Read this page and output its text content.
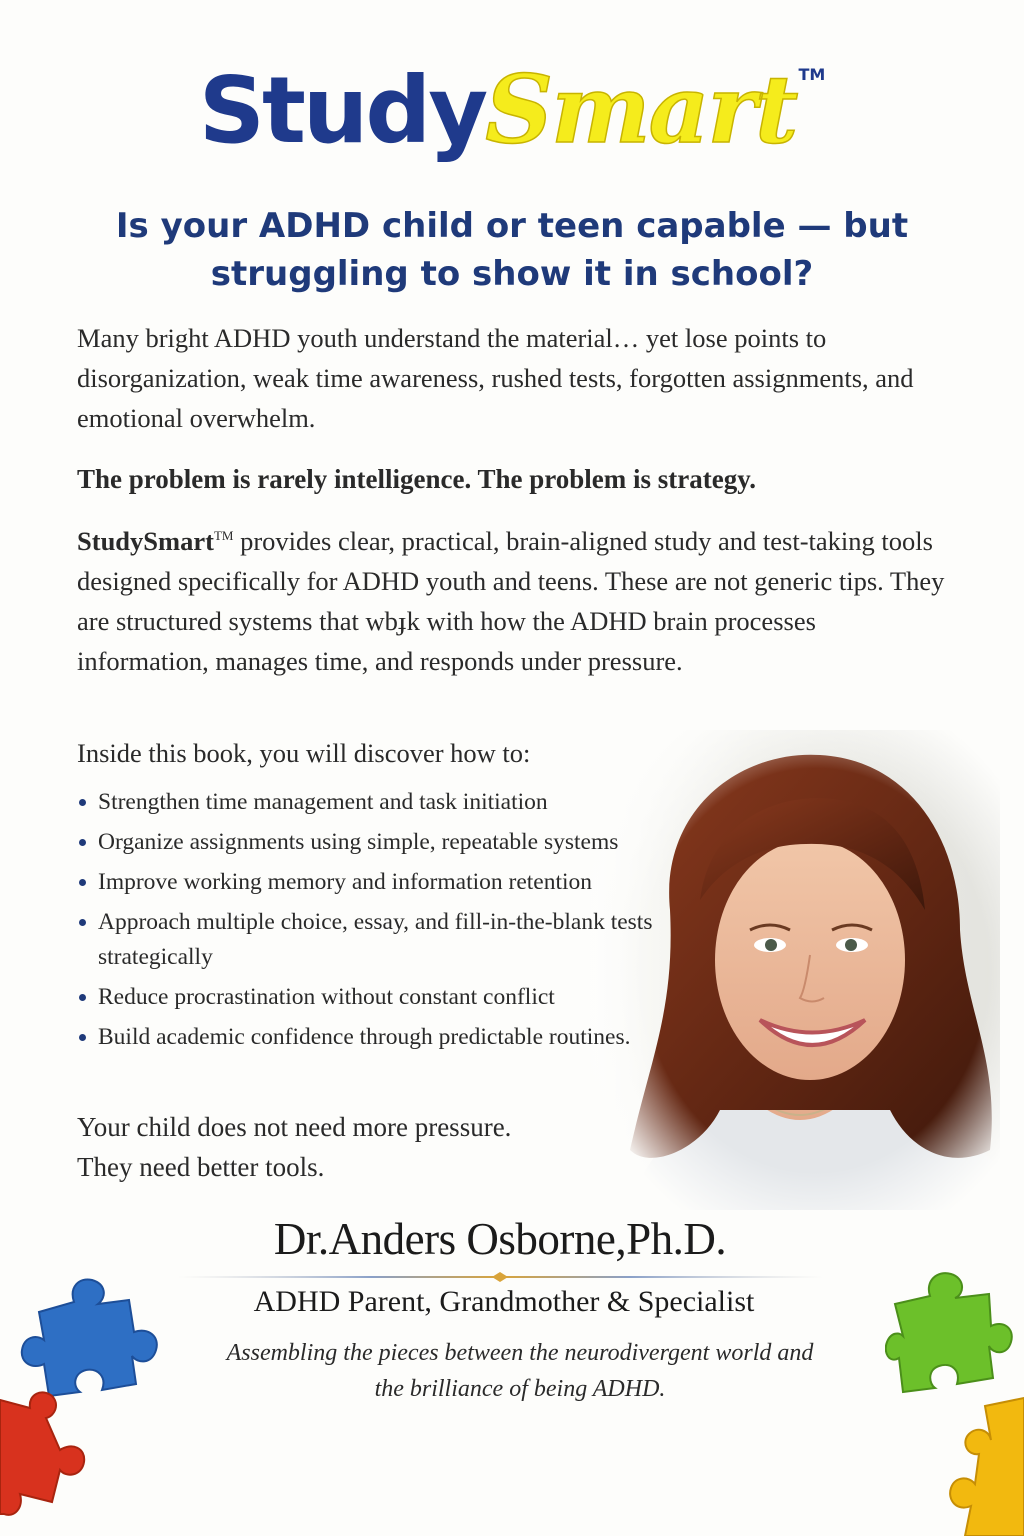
StudySmart TM
Is your ADHD child or teen capable — but
struggling to show it in school?
Many bright ADHD youth understand the material… yet lose points to disorganization, weak time awareness, rushed tests, forgotten assignments, and emotional overwhelm.
The problem is rarely intelligence. The problem is strategy.
StudySmart™ provides clear, practical, brain-aligned study and test-taking tools designed specifically for ADHD youth and teens. These are not generic tips. They are structured systems that wbɟk with how the ADHD brain processes information, manages time, and responds under pressure.
Inside this book, you will discover how to:
Strengthen time management and task initiation
Organize assignments using simple, repeatable systems
Improve working memory and information retention
Approach multiple choice, essay, and fill-in-the-blank tests strategically
Reduce procrastination without constant conflict
Build academic confidence through predictable routines.
Your child does not need more pressure.
They need better tools.
Dr.Anders Osborne,Ph.D.
ADHD Parent, Grandmother & Specialist
Assembling the pieces between the neurodivergent world and
the brilliance of being ADHD.
